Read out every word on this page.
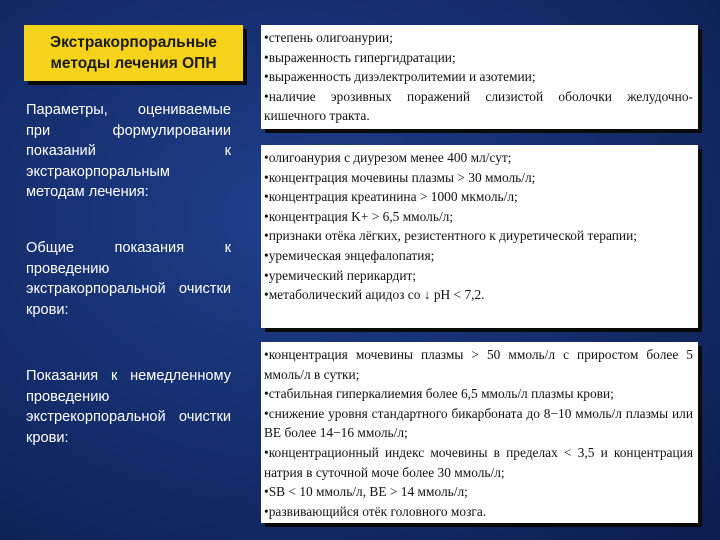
Экстракорпоральные
методы лечения ОПН
Параметры, оцениваемые при формулировании показаний к экстракорпоральным методам лечения:
Общие показания к проведению экстракорпоральной очистки крови:
Показания к немедленному проведению экстрекорпоральной очистки крови:
•степень олигоанурии;
•выраженность гипергидратации;
•выраженность дизэлектролитемии и азотемии;
•наличие эрозивных поражений слизистой оболочки желудочно-кишечного тракта.
•олигоанурия с диурезом менее 400 мл/сут;
•концентрация мочевины плазмы > 30 ммоль/л;
•концентрация креатинина > 1000 мкмоль/л;
•концентрация K+ > 6,5 ммоль/л;
•признаки отёка лёгких, резистентного к диуретической терапии;
•уремическая энцефалопатия;
•уремический перикардит;
•метаболический ацидоз со ↓ рН < 7,2.
•концентрация мочевины плазмы > 50 ммоль/л с приростом более 5 ммоль/л в сутки;
•стабильная гиперкалиемия более 6,5 ммоль/л плазмы крови;
•снижение уровня стандартного бикарбоната до 8−10 ммоль/л плазмы или ВЕ более 14−16 ммоль/л;
•концентрационный индекс мочевины в пределах < 3,5 и концентрация натрия в суточной моче более 30 ммоль/л;
•SB < 10 ммоль/л, ВЕ > 14 ммоль/л;
•развивающийся отёк головного мозга.
